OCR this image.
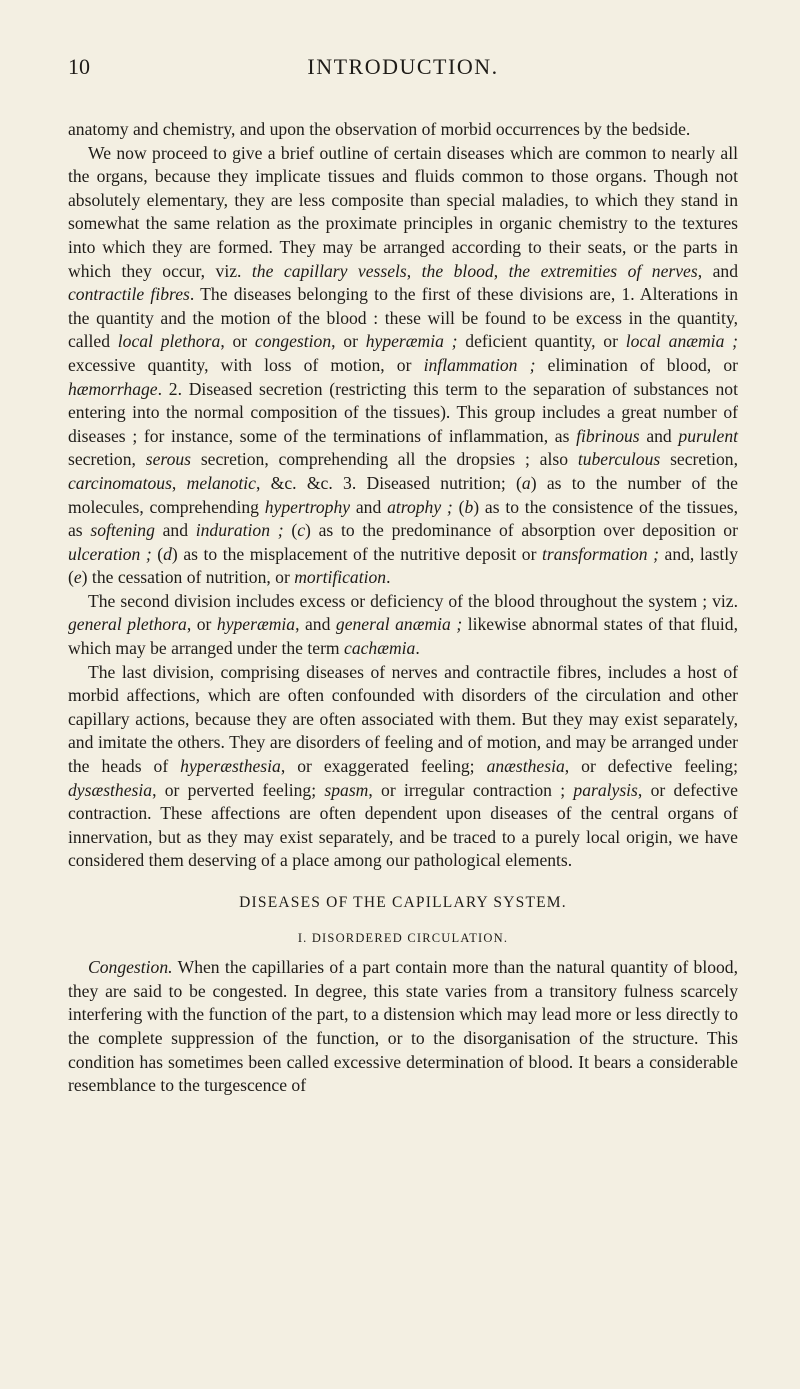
10	INTRODUCTION.

anatomy and chemistry, and upon the observation of morbid occurrences by the bedside.

We now proceed to give a brief outline of certain diseases which are common to nearly all the organs, because they implicate tissues and fluids common to those organs. Though not absolutely elementary, they are less composite than special maladies, to which they stand in somewhat the same relation as the proximate principles in organic chemistry to the textures into which they are formed. They may be arranged according to their seats, or the parts in which they occur, viz. the capillary vessels, the blood, the extremities of nerves, and contractile fibres. The diseases belonging to the first of these divisions are, 1. Alterations in the quantity and the motion of the blood : these will be found to be excess in the quantity, called local plethora, or congestion, or hyperæmia ; deficient quantity, or local anæmia ; excessive quantity, with loss of motion, or inflammation ; elimination of blood, or hæmorrhage. 2. Diseased secretion (restricting this term to the separation of substances not entering into the normal composition of the tissues). This group includes a great number of diseases ; for instance, some of the terminations of inflammation, as fibrinous and purulent secretion, serous secretion, comprehending all the dropsies ; also tuberculous secretion, carcinomatous, melanotic, &c. &c. 3. Diseased nutrition; (a) as to the number of the molecules, comprehending hypertrophy and atrophy ; (b) as to the consistence of the tissues, as softening and induration ; (c) as to the predominance of absorption over deposition or ulceration ; (d) as to the misplacement of the nutritive deposit or transformation ; and, lastly (e) the cessation of nutrition, or mortification.

The second division includes excess or deficiency of the blood throughout the system ; viz. general plethora, or hyperæmia, and general anæmia ; likewise abnormal states of that fluid, which may be arranged under the term cachæmia.

The last division, comprising diseases of nerves and contractile fibres, includes a host of morbid affections, which are often confounded with disorders of the circulation and other capillary actions, because they are often associated with them. But they may exist separately, and imitate the others. They are disorders of feeling and of motion, and may be arranged under the heads of hyperæsthesia, or exaggerated feeling; anæsthesia, or defective feeling; dysæsthesia, or perverted feeling; spasm, or irregular contraction ; paralysis, or defective contraction. These affections are often dependent upon diseases of the central organs of innervation, but as they may exist separately, and be traced to a purely local origin, we have considered them deserving of a place among our pathological elements.

DISEASES OF THE CAPILLARY SYSTEM.
I. DISORDERED CIRCULATION.

Congestion. When the capillaries of a part contain more than the natural quantity of blood, they are said to be congested. In degree, this state varies from a transitory fulness scarcely interfering with the function of the part, to a distension which may lead more or less directly to the complete suppression of the function, or to the disorganisation of the structure. This condition has sometimes been called excessive determination of blood. It bears a considerable resemblance to the turgescence of
